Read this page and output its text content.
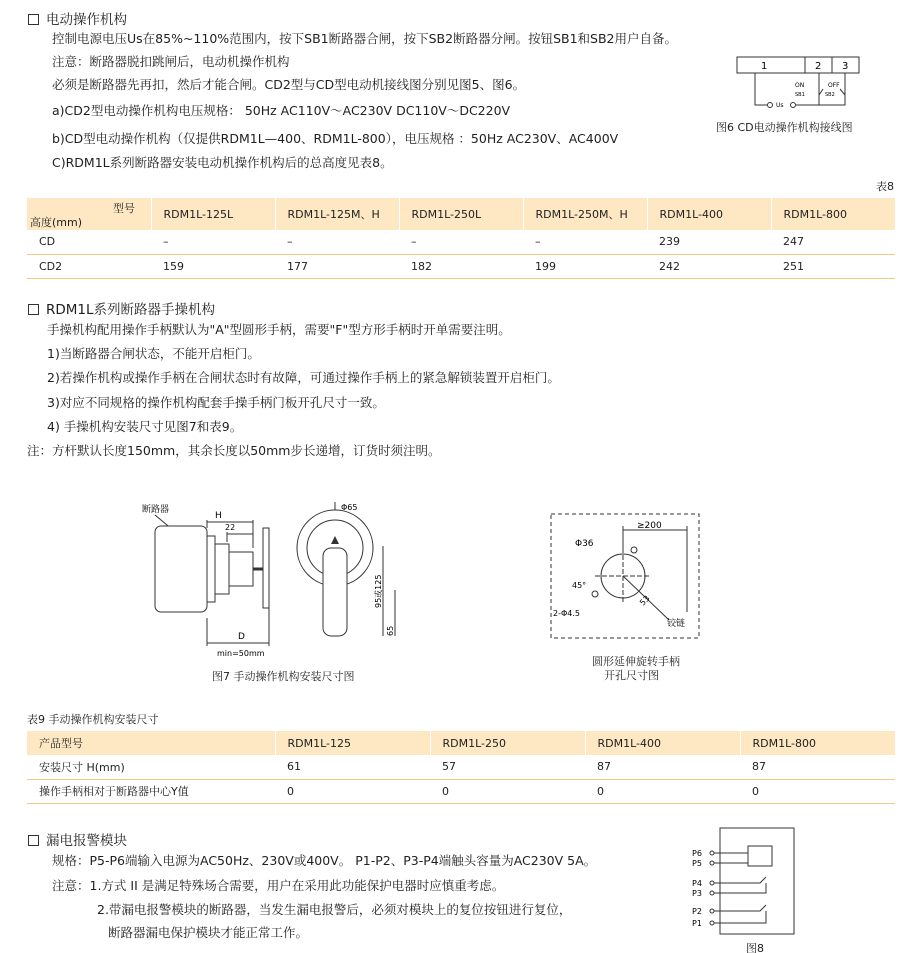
电动操作机构
控制电源电压Us在85%~110%范围内，按下SB1断路器合闸，按下SB2断路器分闸。按钮SB1和SB2用户自备。
注意：断路器脱扣跳闸后，电动机操作机构
必须是断路器先再扣，然后才能合闸。CD2型与CD型电动机接线图分别见图5、图6。
a)CD2型电动操作机构电压规格： 50Hz AC110V～AC230V DC110V～DC220V
b)CD型电动操作机构（仅提供RDM1L—400、RDM1L-800），电压规格 ：50Hz AC230V、AC400V
C)RDM1L系列断路器安装电动机操作机构后的总高度见表8。
1	2 3
Us
ON
SB1
OFF
SB2
图6 CD电动操作机构接线图
表8
型号
高度(mm)	RDM1L-125L	RDM1L-125M、H	RDM1L-250L	RDM1L-250M、H	RDM1L-400	RDM1L-800
CD	–	–	–	–	239	247
CD2	159	177	182	199	242	251
RDM1L系列断路器手操机构
手操机构配用操作手柄默认为"A"型圆形手柄，需要"F"型方形手柄时开单需要注明。
1)当断路器合闸状态，不能开启柜门。
2)若操作机构或操作手柄在合闸状态时有故障，可通过操作手柄上的紧急解锁装置开启柜门。
3)对应不同规格的操作机构配套手操手柄门板开孔尺寸一致。
4) 手操机构安装尺寸见图7和表9。
注：方杆默认长度150mm，其余长度以50mm步长递增，订货时须注明。
断路器
H
22
D
min=50mm
Φ65
95或125
65
图7 手动操作机构安装尺寸图
≥200
Φ36
45°
2-Φ4.5
53
铰链
圆形延伸旋转手柄
开孔尺寸图
表9 手动操作机构安装尺寸
产品型号	RDM1L-125	RDM1L-250	RDM1L-400	RDM1L-800
安装尺寸 H(mm)	61	57	87	87
操作手柄相对于断路器中心Y值	0	0	0	0
漏电报警模块
规格：P5-P6端输入电源为AC50Hz、230V或400V。 P1-P2、P3-P4端触头容量为AC230V 5A。
注意：1.方式 II 是满足特殊场合需要，用户在采用此功能保护电器时应慎重考虑。
2.带漏电报警模块的断路器，当发生漏电报警后，必须对模块上的复位按钮进行复位，
断路器漏电保护模块才能正常工作。
P6
P5
P4
P3
P2
P1
图8
